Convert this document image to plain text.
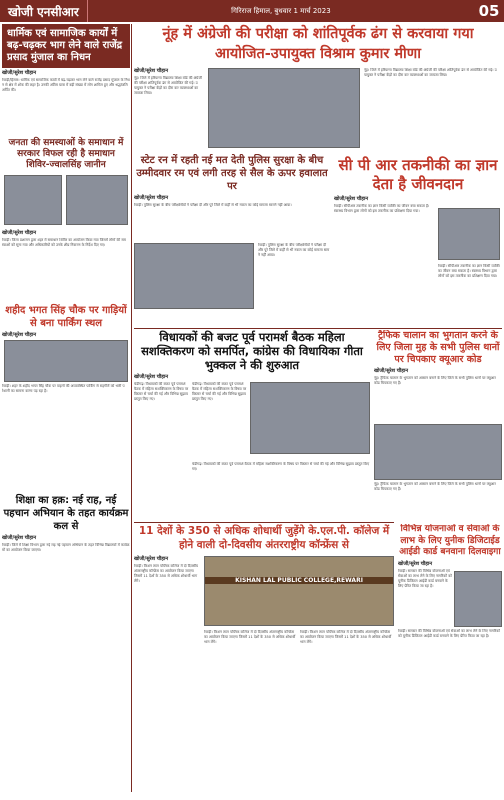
खोजी एनसीआर	गिरिराज हिमाल, बुधवार 1 मार्च 2023	05
धार्मिक एवं सामाजिक कार्यों में बढ़-चढ़कर भाग लेने वाले राजेंद्र प्रसाद मुंजाल का निधन
खोजी/सुरेश चौहान
रेवाड़ी/हिसार। धार्मिक एवं सामाजिक कार्यों में बढ़-चढ़कर भाग लेने वाले राजेंद्र प्रसाद मुंजाल के निधन से क्षेत्र में शोक की लहर है। उनकी अंतिम यात्रा में बड़ी संख्या में लोग शामिल हुए और श्रद्धांजलि अर्पित की।
जनता की समस्याओं के समाधान में सरकार विफल रही है समाधान शिविर-ज्वालसिंह जानीन
खोजी/सुरेश चौहान
रेवाड़ी। जिला प्रशासन द्वारा शहर में समाधान शिविर का आयोजन किया गया जिसमें लोगों की समस्याओं को सुना गया और अधिकारियों को उनके शीघ्र निवारण के निर्देश दिए गए।
शहीद भगत सिंह चौक पर गाड़ियों से बना पार्किंग स्थल
खोजी/सुरेश चौहान
रेवाड़ी। शहर के शहीद भगत सिंह चौक पर वाहनों की अव्यवस्थित पार्किंग से राहगीरों को भारी परेशानी का सामना करना पड़ रहा है।
शिक्षा का हक़: नई राह, नई पहचान अभियान के तहत कार्यक्रम कल से
खोजी/सुरेश चौहान
रेवाड़ी। जिले में शिक्षा विभाग द्वारा नई राह नई पहचान अभियान के तहत विभिन्न विद्यालयों में कार्यक्रमों का आयोजन किया जाएगा।
नूंह में अंग्रेजी की परीक्षा को शांतिपूर्वक ढंग से करवाया गया आयोजित-उपायुक्त विश्राम कुमार मीणा
खोजी/सुरेश चौहान
नूंह। जिले में हरियाणा विद्यालय शिक्षा बोर्ड की अंग्रेजी की परीक्षा शांतिपूर्वक ढंग से आयोजित की गई। उपायुक्त ने परीक्षा केंद्रों का दौरा कर व्यवस्थाओं का जायजा लिया।
नूंह। जिले में हरियाणा विद्यालय शिक्षा बोर्ड की अंग्रेजी की परीक्षा शांतिपूर्वक ढंग से आयोजित की गई। उपायुक्त ने परीक्षा केंद्रों का दौरा कर व्यवस्थाओं का जायजा लिया।
स्टेट रन में रहती नई मत देती पुलिस सुरक्षा के बीच उम्मीदवार रम एवं लगी तरह से सैल के ऊपर हवालात पर
खोजी/सुरेश चौहान
रेवाड़ी। पुलिस सुरक्षा के बीच परीक्षार्थियों ने परीक्षा दी और पूरे जिले में कहीं से भी नकल का कोई मामला सामने नहीं आया।
रेवाड़ी। पुलिस सुरक्षा के बीच परीक्षार्थियों ने परीक्षा दी और पूरे जिले में कहीं से भी नकल का कोई मामला सामने नहीं आया।
सी पी आर तकनीकी का ज्ञान देता है जीवनदान
खोजी/सुरेश चौहान
रेवाड़ी। सीपीआर तकनीक का ज्ञान किसी व्यक्ति का जीवन बचा सकता है। स्वास्थ्य विभाग द्वारा लोगों को इस तकनीक का प्रशिक्षण दिया गया।
रेवाड़ी। सीपीआर तकनीक का ज्ञान किसी व्यक्ति का जीवन बचा सकता है। स्वास्थ्य विभाग द्वारा लोगों को इस तकनीक का प्रशिक्षण दिया गया।
विधायकों की बजट पूर्व परामर्श बैठक महिला सशक्तिकरण को समर्पित, कांग्रेस की विधायिका गीता भुक्कल ने की शुरुआत
खोजी/सुरेश चौहान
चंडीगढ़। विधायकों की बजट पूर्व परामर्श बैठक में महिला सशक्तिकरण के विषय पर विस्तार से चर्चा की गई और विभिन्न सुझाव प्रस्तुत किए गए।
चंडीगढ़। विधायकों की बजट पूर्व परामर्श बैठक में महिला सशक्तिकरण के विषय पर विस्तार से चर्चा की गई और विभिन्न सुझाव प्रस्तुत किए गए।
चंडीगढ़। विधायकों की बजट पूर्व परामर्श बैठक में महिला सशक्तिकरण के विषय पर विस्तार से चर्चा की गई और विभिन्न सुझाव प्रस्तुत किए गए।
ट्रैफिक चालान का भुगतान करने के लिए जिला मुह के सभी पुलिस थानों पर चिपकाए क्यूआर कोड
खोजी/सुरेश चौहान
नूंह। ट्रैफिक चालान के भुगतान को आसान बनाने के लिए जिले के सभी पुलिस थानों पर क्यूआर कोड चिपकाए गए हैं।
नूंह। ट्रैफिक चालान के भुगतान को आसान बनाने के लिए जिले के सभी पुलिस थानों पर क्यूआर कोड चिपकाए गए हैं।
11 देशों के 350 से अधिक शोधार्थी जुड़ेंगे के.एल.पी. कॉलेज में होने वाली दो-दिवसीय अंतरराष्ट्रीय कॉन्फ्रेंस से
खोजी/सुरेश चौहान
रेवाड़ी। किशन लाल पब्लिक कॉलेज में दो दिवसीय अंतरराष्ट्रीय कॉन्फ्रेंस का आयोजन किया जाएगा जिसमें 11 देशों के 350 से अधिक शोधार्थी भाग लेंगे।	KISHAN LAL PUBLIC COLLEGE,REWARI
रेवाड़ी। किशन लाल पब्लिक कॉलेज में दो दिवसीय अंतरराष्ट्रीय कॉन्फ्रेंस का आयोजन किया जाएगा जिसमें 11 देशों के 350 से अधिक शोधार्थी भाग लेंगे।
रेवाड़ी। किशन लाल पब्लिक कॉलेज में दो दिवसीय अंतरराष्ट्रीय कॉन्फ्रेंस का आयोजन किया जाएगा जिसमें 11 देशों के 350 से अधिक शोधार्थी भाग लेंगे।
विभिन्न योजनाओं व सेवाओं के लाभ के लिए युनीक डिजिटाईड आईडी कार्ड बनवाना दिलवाइगा
खोजी/सुरेश चौहान
रेवाड़ी। सरकार की विभिन्न योजनाओं एवं सेवाओं का लाभ लेने के लिए नागरिकों को यूनीक डिजिटल आईडी कार्ड बनवाने के लिए प्रेरित किया जा रहा है।
रेवाड़ी। सरकार की विभिन्न योजनाओं एवं सेवाओं का लाभ लेने के लिए नागरिकों को यूनीक डिजिटल आईडी कार्ड बनवाने के लिए प्रेरित किया जा रहा है।
